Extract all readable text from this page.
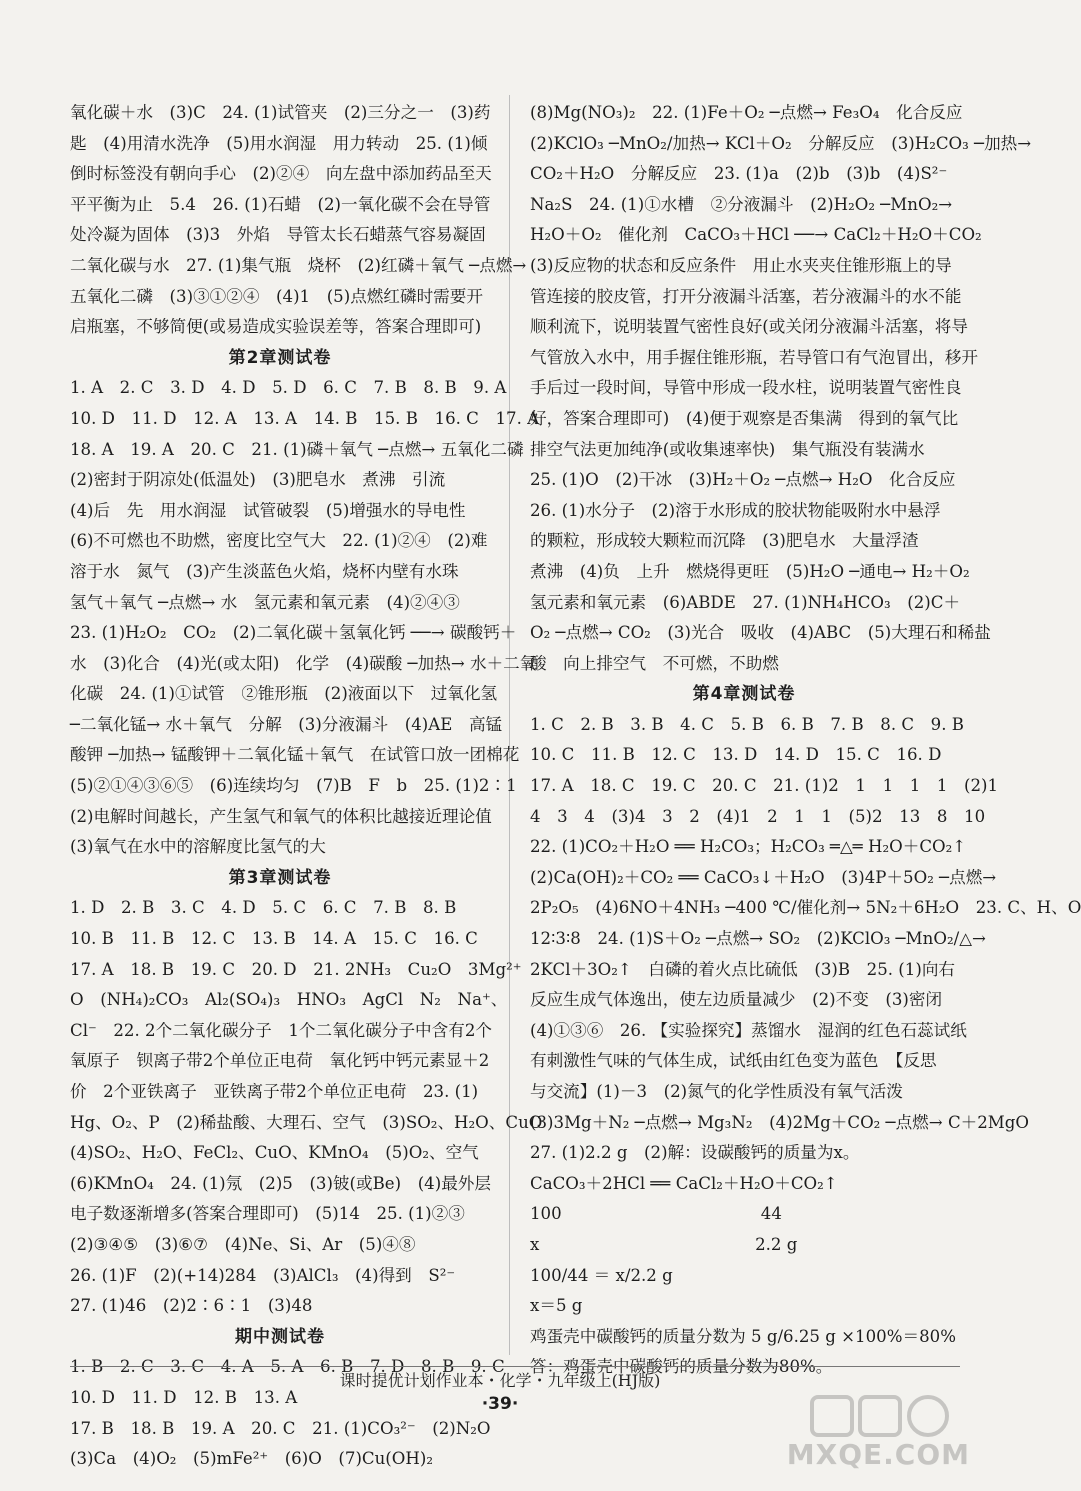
氧化碳＋水　(3)C　24. (1)试管夹　(2)三分之一　(3)药
匙　(4)用清水洗净　(5)用水润湿　用力转动　25. (1)倾
倒时标签没有朝向手心　(2)②④　向左盘中添加药品至天
平平衡为止　5.4　26. (1)石蜡　(2)一氧化碳不会在导管
处冷凝为固体　(3)3　外焰　导管太长石蜡蒸气容易凝固
二氧化碳与水　27. (1)集气瓶　烧杯　(2)红磷＋氧气 ─点燃→
五氧化二磷　(3)③①②④　(4)1　(5)点燃红磷时需要开
启瓶塞，不够简便(或易造成实验误差等，答案合理即可)
第2章测试卷
1. A　2. C　3. D　4. D　5. D　6. C　7. B　8. B　9. A
10. D　11. D　12. A　13. A　14. B　15. B　16. C　17. A
18. A　19. A　20. C　21. (1)磷＋氧气 ─点燃→ 五氧化二磷
(2)密封于阴凉处(低温处)　(3)肥皂水　煮沸　引流
(4)后　先　用水润湿　试管破裂　(5)增强水的导电性
(6)不可燃也不助燃，密度比空气大　22. (1)②④　(2)难
溶于水　氮气　(3)产生淡蓝色火焰，烧杯内壁有水珠
氢气＋氧气 ─点燃→ 水　氢元素和氧元素　(4)②④③
23. (1)H₂O₂　CO₂　(2)二氧化碳＋氢氧化钙 ──→ 碳酸钙＋
水　(3)化合　(4)光(或太阳)　化学　(4)碳酸 ─加热→ 水＋二氧
化碳　24. (1)①试管　②锥形瓶　(2)液面以下　过氧化氢
─二氧化锰→ 水＋氧气　分解　(3)分液漏斗　(4)AE　高锰
酸钾 ─加热→ 锰酸钾＋二氧化锰＋氧气　在试管口放一团棉花
(5)②①④③⑥⑤　(6)连续均匀　(7)B　F　b　25. (1)2∶1
(2)电解时间越长，产生氢气和氧气的体积比越接近理论值
(3)氧气在水中的溶解度比氢气的大
第3章测试卷
1. D　2. B　3. C　4. D　5. C　6. C　7. B　8. B
10. B　11. B　12. C　13. B　14. A　15. C　16. C
17. A　18. B　19. C　20. D　21. 2NH₃　Cu₂O　3Mg²⁺
O　(NH₄)₂CO₃　Al₂(SO₄)₃　HNO₃　AgCl　N₂　Na⁺、
Cl⁻　22. 2个二氧化碳分子　1个二氧化碳分子中含有2个
氧原子　钡离子带2个单位正电荷　氧化钙中钙元素显＋2
价　2个亚铁离子　亚铁离子带2个单位正电荷　23. (1)
Hg、O₂、P　(2)稀盐酸、大理石、空气　(3)SO₂、H₂O、CuO
(4)SO₂、H₂O、FeCl₂、CuO、KMnO₄　(5)O₂、空气
(6)KMnO₄　24. (1)氖　(2)5　(3)铍(或Be)　(4)最外层
电子数逐渐增多(答案合理即可)　(5)14　25. (1)②③
(2)③④⑤　(3)⑥⑦　(4)Ne、Si、Ar　(5)④⑧
26. (1)F　(2)(+14)284　(3)AlCl₃　(4)得到　S²⁻
27. (1)46　(2)2∶6∶1　(3)48
期中测试卷
1. B　2. C　3. C　4. A　5. A　6. B　7. D　8. B　9. C
10. D　11. D　12. B　13. A
17. B　18. B　19. A　20. C　21. (1)CO₃²⁻　(2)N₂O
(3)Ca　(4)O₂　(5)mFe²⁺　(6)O　(7)Cu(OH)₂
(8)Mg(NO₃)₂　22. (1)Fe＋O₂ ─点燃→ Fe₃O₄　化合反应
(2)KClO₃ ─MnO₂/加热→ KCl＋O₂　分解反应　(3)H₂CO₃ ─加热→
CO₂＋H₂O　分解反应　23. (1)a　(2)b　(3)b　(4)S²⁻
Na₂S　24. (1)①水槽　②分液漏斗　(2)H₂O₂ ─MnO₂→
H₂O＋O₂　催化剂　CaCO₃＋HCl ──→ CaCl₂＋H₂O＋CO₂
(3)反应物的状态和反应条件　用止水夹夹住锥形瓶上的导
管连接的胶皮管，打开分液漏斗活塞，若分液漏斗的水不能
顺利流下，说明装置气密性良好(或关闭分液漏斗活塞，将导
气管放入水中，用手握住锥形瓶，若导管口有气泡冒出，移开
手后过一段时间，导管中形成一段水柱，说明装置气密性良
好，答案合理即可)　(4)便于观察是否集满　得到的氧气比
排空气法更加纯净(或收集速率快)　集气瓶没有装满水
25. (1)O　(2)干冰　(3)H₂＋O₂ ─点燃→ H₂O　化合反应
26. (1)水分子　(2)溶于水形成的胶状物能吸附水中悬浮
的颗粒，形成较大颗粒而沉降　(3)肥皂水　大量浮渣
煮沸　(4)负　上升　燃烧得更旺　(5)H₂O ─通电→ H₂＋O₂
氢元素和氧元素　(6)ABDE　27. (1)NH₄HCO₃　(2)C＋
O₂ ─点燃→ CO₂　(3)光合　吸收　(4)ABC　(5)大理石和稀盐
酸　向上排空气　不可燃，不助燃
第4章测试卷
1. C　2. B　3. B　4. C　5. B　6. B　7. B　8. C　9. B
10. C　11. B　12. C　13. D　14. D　15. C　16. D
17. A　18. C　19. C　20. C　21. (1)2　1　1　1　1　(2)1
4　3　4　(3)4　3　2　(4)1　2　1　1　(5)2　13　8　10
22. (1)CO₂＋H₂O ══ H₂CO₃；H₂CO₃ ═△═ H₂O＋CO₂↑
(2)Ca(OH)₂＋CO₂ ══ CaCO₃↓＋H₂O　(3)4P＋5O₂ ─点燃→
2P₂O₅　(4)6NO＋4NH₃ ─400 ℃/催化剂→ 5N₂＋6H₂O　23. C、H、O
12∶3∶8　24. (1)S＋O₂ ─点燃→ SO₂　(2)KClO₃ ─MnO₂/△→
2KCl＋3O₂↑　白磷的着火点比硫低　(3)B　25. (1)向右
反应生成气体逸出，使左边质量减少　(2)不变　(3)密闭
(4)①③⑥　26. 【实验探究】蒸馏水　湿润的红色石蕊试纸
有刺激性气味的气体生成，试纸由红色变为蓝色　【反思
与交流】(1)－3　(2)氮气的化学性质没有氧气活泼
(3)3Mg＋N₂ ─点燃→ Mg₃N₂　(4)2Mg＋CO₂ ─点燃→ C＋2MgO
27. (1)2.2 g　(2)解：设碳酸钙的质量为x。
CaCO₃＋2HCl ══ CaCl₂＋H₂O＋CO₂↑
100　　　　　　　　　　　　44
x　　　　　　　　　　　　　2.2 g
100/44 ＝ x/2.2 g
x＝5 g
鸡蛋壳中碳酸钙的质量分数为 5 g/6.25 g ×100%＝80%
答：鸡蛋壳中碳酸钙的质量分数为80%。
课时提优计划作业本・化学・九年级上(HJ版)
·39·
MXQE.COM
